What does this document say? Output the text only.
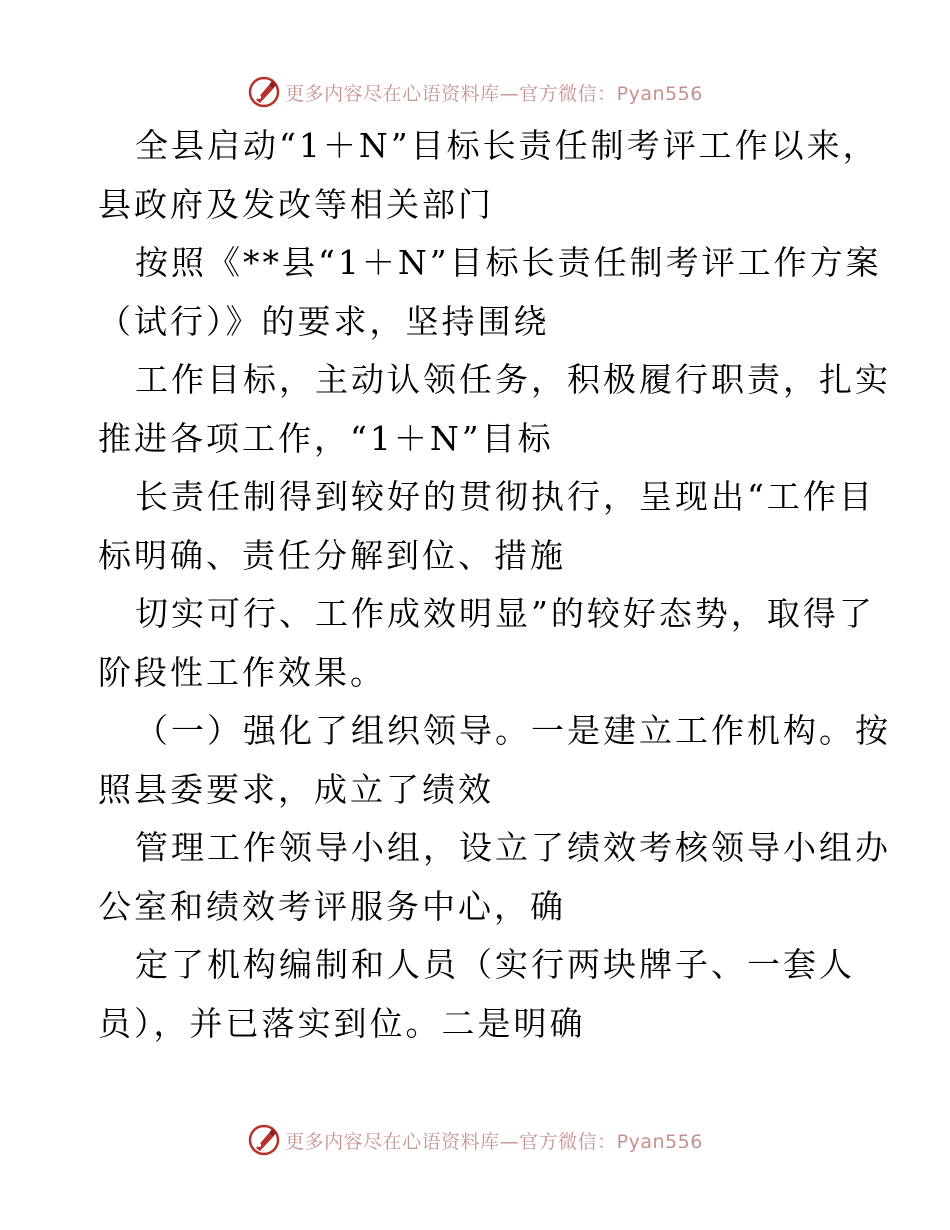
更多内容尽在心语资料库—官方微信：Pyan556
全县启动“1＋N”目标长责任制考评工作以来，
县政府及发改等相关部门
按照《**县“1＋N”目标长责任制考评工作方案
（试行）》的要求，坚持围绕
工作目标，主动认领任务，积极履行职责，扎实
推进各项工作，“1＋N”目标
长责任制得到较好的贯彻执行，呈现出“工作目
标明确、责任分解到位、措施
切实可行、工作成效明显”的较好态势，取得了
阶段性工作效果。
（一）强化了组织领导。一是建立工作机构。按
照县委要求，成立了绩效
管理工作领导小组，设立了绩效考核领导小组办
公室和绩效考评服务中心，确
定了机构编制和人员（实行两块牌子、一套人
员），并已落实到位。二是明确
更多内容尽在心语资料库—官方微信：Pyan556
